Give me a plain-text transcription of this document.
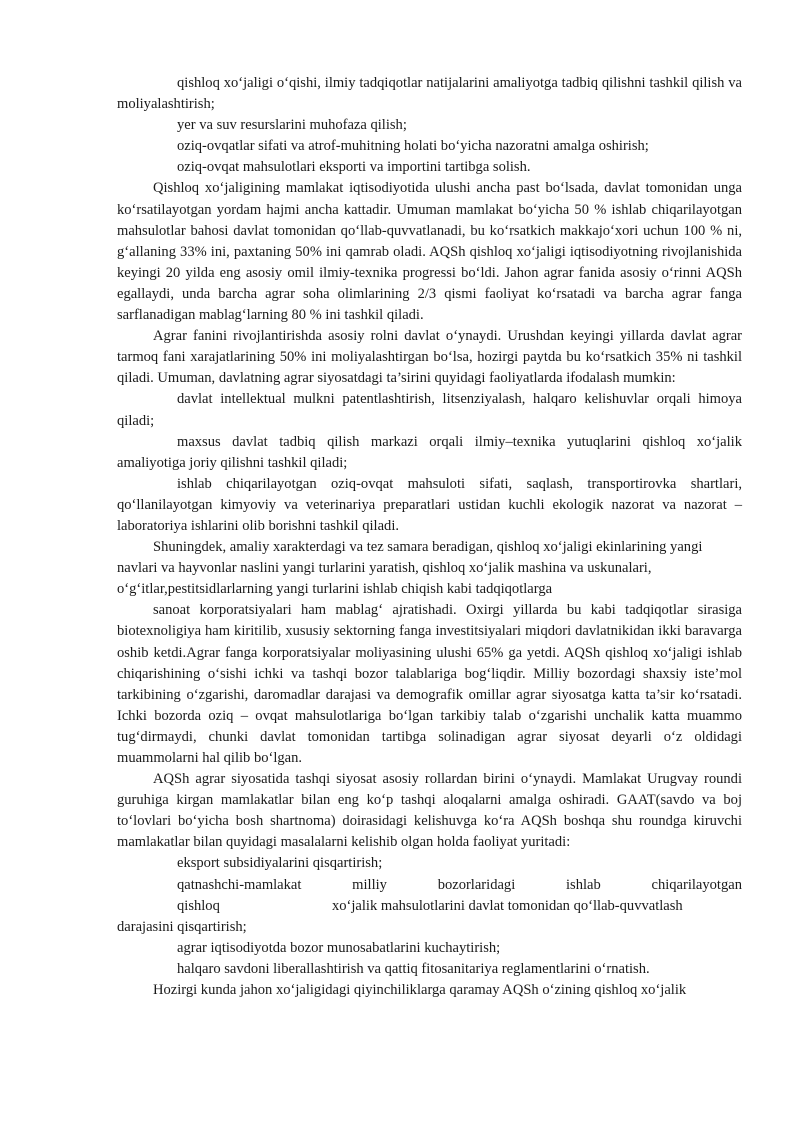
qishloq xo‘jaligi o‘qishi, ilmiy tadqiqotlar natijalarini amaliyotga tadbiq qilishni tashkil qilish va moliyalashtirish;

yer va suv resurslarini muhofaza qilish;

oziq-ovqatlar sifati va atrof-muhitning holati bo‘yicha nazoratni amalga oshirish;

oziq-ovqat mahsulotlari eksporti va importini tartibga solish.

Qishloq xo‘jaligining mamlakat iqtisodiyotida ulushi ancha past bo‘lsada, davlat tomonidan unga ko‘rsatilayotgan yordam hajmi ancha kattadir. Umuman mamlakat bo‘yicha 50 % ishlab chiqarilayotgan mahsulotlar bahosi davlat tomonidan qo‘llab-quvvatlanadi, bu ko‘rsatkich makkajo‘xori uchun 100 % ni, g‘allaning 33% ini, paxtaning 50% ini qamrab oladi. AQSh qishloq xo‘jaligi iqtisodiyotning rivojlanishida keyingi 20 yilda eng asosiy omil ilmiy-texnika progressi bo‘ldi. Jahon agrar fanida asosiy o‘rinni AQSh egallaydi, unda barcha agrar soha olimlarining 2/3 qismi faoliyat ko‘rsatadi va barcha agrar fanga sarflanadigan mablag‘larning 80 % ini tashkil qiladi.

Agrar fanini rivojlantirishda asosiy rolni davlat o‘ynaydi. Urushdan keyingi yillarda davlat agrar tarmoq fani xarajatlarining 50% ini moliyalashtirgan bo‘lsa, hozirgi paytda bu ko‘rsatkich 35% ni tashkil qiladi. Umuman, davlatning agrar siyosatdagi ta’sirini quyidagi faoliyatlarda ifodalash mumkin:

davlat intellektual mulkni patentlashtirish, litsenziyalash, halqaro kelishuvlar orqali himoya qiladi;

maxsus davlat tadbiq qilish markazi orqali ilmiy–texnika yutuqlarini qishloq xo‘jalik amaliyotiga joriy qilishni tashkil qiladi;

ishlab chiqarilayotgan oziq-ovqat mahsuloti sifati, saqlash, transportirovka shartlari, qo‘llanilayotgan kimyoviy va veterinariya preparatlari ustidan kuchli ekologik nazorat va nazorat – laboratoriya ishlarini olib borishni tashkil qiladi.

Shuningdek, amaliy xarakterdagi va tez samara beradigan, qishloq xo‘jaligi ekinlarining yangi navlari va hayvonlar naslini yangi turlarini yaratish, qishloq xo‘jalik mashina va uskunalari, o‘g‘itlar,pestitsidlarlarning yangi turlarini ishlab chiqish kabi tadqiqotlarga

sanoat korporatsiyalari ham mablag‘ ajratishadi. Oxirgi yillarda bu kabi tadqiqotlar sirasiga biotexnoligiya ham kiritilib, xususiy sektorning fanga investitsiyalari miqdori davlatnikidan ikki baravarga oshib ketdi.Agrar fanga korporatsiyalar moliyasining ulushi 65% ga yetdi. AQSh qishloq xo‘jaligi ishlab chiqarishining o‘sishi ichki va tashqi bozor talablariga bog‘liqdir. Milliy bozordagi shaxsiy iste’mol tarkibining o‘zgarishi, daromadlar darajasi va demografik omillar agrar siyosatga katta ta’sir ko‘rsatadi. Ichki bozorda oziq – ovqat mahsulotlariga bo‘lgan tarkibiy talab o‘zgarishi unchalik katta muammo tug‘dirmaydi, chunki davlat tomonidan tartibga solinadigan agrar siyosat deyarli o‘z oldidagi muammolarni hal qilib bo‘lgan.

AQSh agrar siyosatida tashqi siyosat asosiy rollardan birini o‘ynaydi. Mamlakat Urugvay roundi guruhiga kirgan mamlakatlar bilan eng ko‘p tashqi aloqalarni amalga oshiradi. GAAT(savdo va boj to‘lovlari bo‘yicha bosh shartnoma) doirasidagi kelishuvga ko‘ra AQSh boshqa shu roundga kiruvchi mamlakatlar bilan quyidagi masalalarni kelishib olgan holda faoliyat yuritadi:

eksport subsidiyalarini qisqartirish;

qatnashchi-mamlakat	milliy	bozorlaridagi	ishlab	chiqarilayotgan
qishloq	xo‘jalik mahsulotlarini davlat tomonidan qo‘llab-quvvatlash

darajasini qisqartirish;

agrar iqtisodiyotda bozor munosabatlarini kuchaytirish;

halqaro savdoni liberallashtirish va qattiq fitosanitariya reglamentlarini o‘rnatish.

Hozirgi kunda jahon xo‘jaligidagi qiyinchiliklarga qaramay AQSh o‘zining qishloq xo‘jalik
